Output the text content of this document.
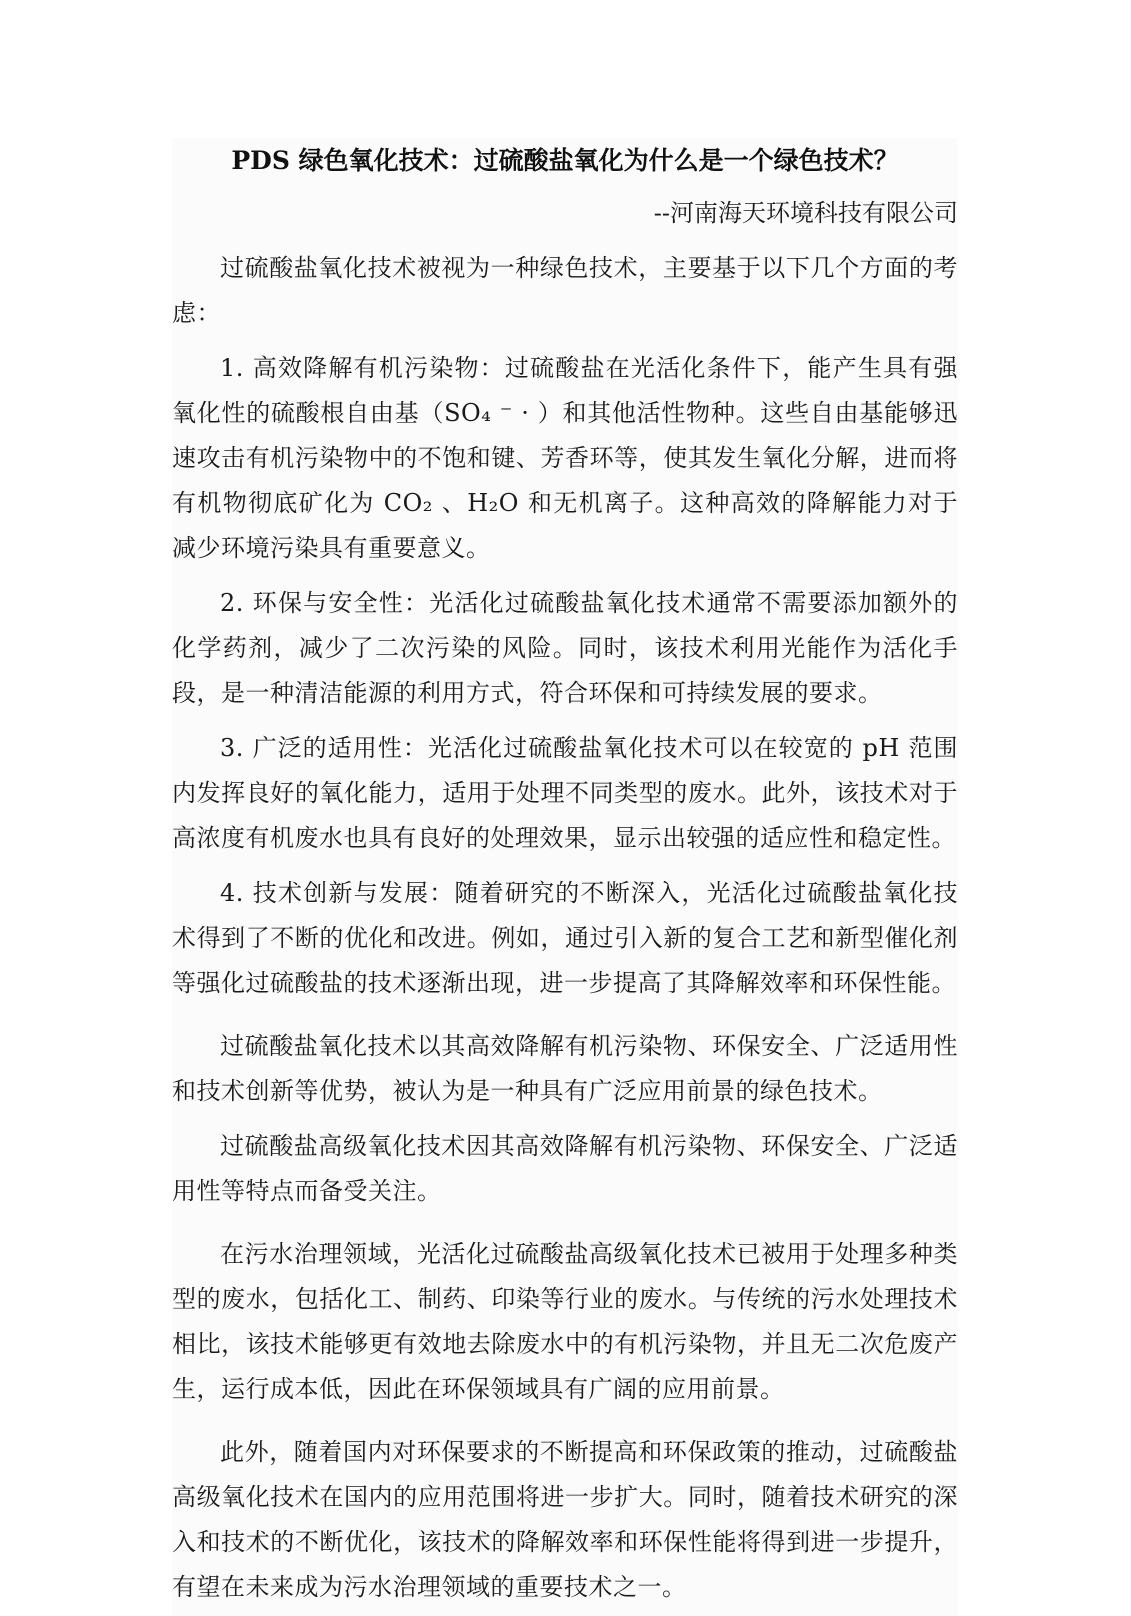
PDS 绿色氧化技术：过硫酸盐氧化为什么是一个绿色技术？
--河南海天环境科技有限公司

过硫酸盐氧化技术被视为一种绿色技术，主要基于以下几个方面的考虑：

1. 高效降解有机污染物：过硫酸盐在光活化条件下，能产生具有强氧化性的硫酸根自由基（SO₄ ⁻ · ）和其他活性物种。这些自由基能够迅速攻击有机污染物中的不饱和键、芳香环等，使其发生氧化分解，进而将有机物彻底矿化为 CO₂ 、H₂O 和无机离子。这种高效的降解能力对于减少环境污染具有重要意义。

2. 环保与安全性：光活化过硫酸盐氧化技术通常不需要添加额外的化学药剂，减少了二次污染的风险。同时，该技术利用光能作为活化手段，是一种清洁能源的利用方式，符合环保和可持续发展的要求。

3. 广泛的适用性：光活化过硫酸盐氧化技术可以在较宽的 pH 范围内发挥良好的氧化能力，适用于处理不同类型的废水。此外，该技术对于高浓度有机废水也具有良好的处理效果，显示出较强的适应性和稳定性。

4. 技术创新与发展：随着研究的不断深入，光活化过硫酸盐氧化技术得到了不断的优化和改进。例如，通过引入新的复合工艺和新型催化剂等强化过硫酸盐的技术逐渐出现，进一步提高了其降解效率和环保性能。

过硫酸盐氧化技术以其高效降解有机污染物、环保安全、广泛适用性和技术创新等优势，被认为是一种具有广泛应用前景的绿色技术。

过硫酸盐高级氧化技术因其高效降解有机污染物、环保安全、广泛适用性等特点而备受关注。

在污水治理领域，光活化过硫酸盐高级氧化技术已被用于处理多种类型的废水，包括化工、制药、印染等行业的废水。与传统的污水处理技术相比，该技术能够更有效地去除废水中的有机污染物，并且无二次危废产生，运行成本低，因此在环保领域具有广阔的应用前景。

此外，随着国内对环保要求的不断提高和环保政策的推动，过硫酸盐高级氧化技术在国内的应用范围将进一步扩大。同时，随着技术研究的深入和技术的不断优化，该技术的降解效率和环保性能将得到进一步提升，有望在未来成为污水治理领域的重要技术之一。
